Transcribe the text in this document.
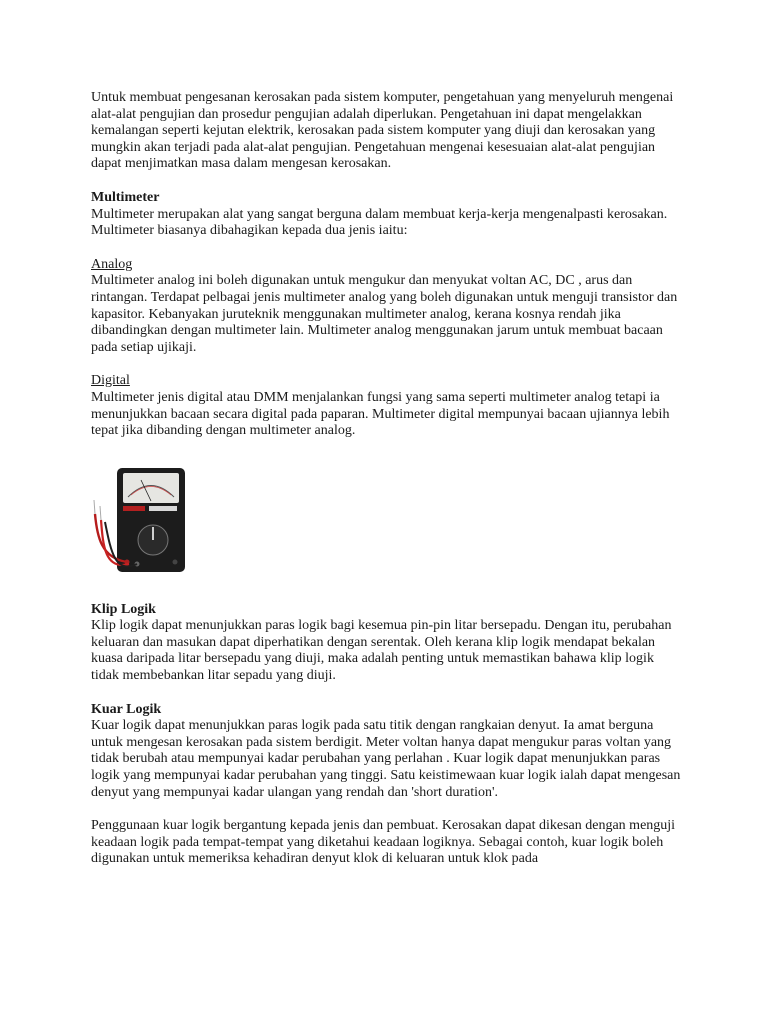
Untuk membuat pengesanan kerosakan pada sistem komputer, pengetahuan yang menyeluruh mengenai alat-alat pengujian dan prosedur pengujian adalah diperlukan. Pengetahuan ini dapat mengelakkan kemalangan seperti kejutan elektrik, kerosakan pada sistem komputer yang diuji dan kerosakan yang mungkin akan terjadi pada alat-alat pengujian. Pengetahuan mengenai kesesuaian alat-alat pengujian dapat menjimatkan masa dalam mengesan kerosakan.

Multimeter

Multimeter merupakan alat yang sangat berguna dalam membuat kerja-kerja mengenalpasti kerosakan. Multimeter biasanya dibahagikan kepada dua jenis iaitu:

Analog

Multimeter analog ini boleh digunakan untuk mengukur dan menyukat voltan AC, DC , arus dan rintangan. Terdapat pelbagai jenis multimeter analog yang boleh digunakan untuk menguji transistor dan kapasitor. Kebanyakan juruteknik menggunakan multimeter analog, kerana kosnya rendah jika dibandingkan dengan multimeter lain. Multimeter analog menggunakan jarum untuk membuat bacaan pada setiap ujikaji.

Digital

Multimeter jenis digital atau DMM menjalankan fungsi yang sama seperti multimeter analog tetapi ia menunjukkan bacaan secara digital pada paparan. Multimeter digital mempunyai bacaan ujiannya lebih tepat jika dibanding dengan multimeter analog.

Klip Logik

Klip logik dapat menunjukkan paras logik bagi kesemua pin-pin litar bersepadu. Dengan itu, perubahan keluaran dan masukan dapat diperhatikan dengan serentak. Oleh kerana klip logik mendapat bekalan kuasa daripada litar bersepadu yang diuji, maka adalah penting untuk memastikan bahawa klip logik tidak membebankan litar sepadu yang diuji.

Kuar Logik

Kuar logik dapat menunjukkan paras logik pada satu titik dengan rangkaian denyut. Ia amat berguna untuk mengesan kerosakan pada sistem berdigit. Meter voltan hanya dapat mengukur paras voltan yang tidak berubah atau mempunyai kadar perubahan yang perlahan . Kuar logik dapat menunjukkan paras logik yang mempunyai kadar perubahan yang tinggi. Satu keistimewaan kuar logik ialah dapat mengesan denyut yang mempunyai kadar ulangan yang rendah dan 'short duration'.

Penggunaan kuar logik bergantung kepada jenis dan pembuat. Kerosakan dapat dikesan dengan menguji keadaan logik pada tempat-tempat yang diketahui keadaan logiknya. Sebagai contoh, kuar logik boleh digunakan untuk memeriksa kehadiran denyut klok di keluaran untuk klok pada
